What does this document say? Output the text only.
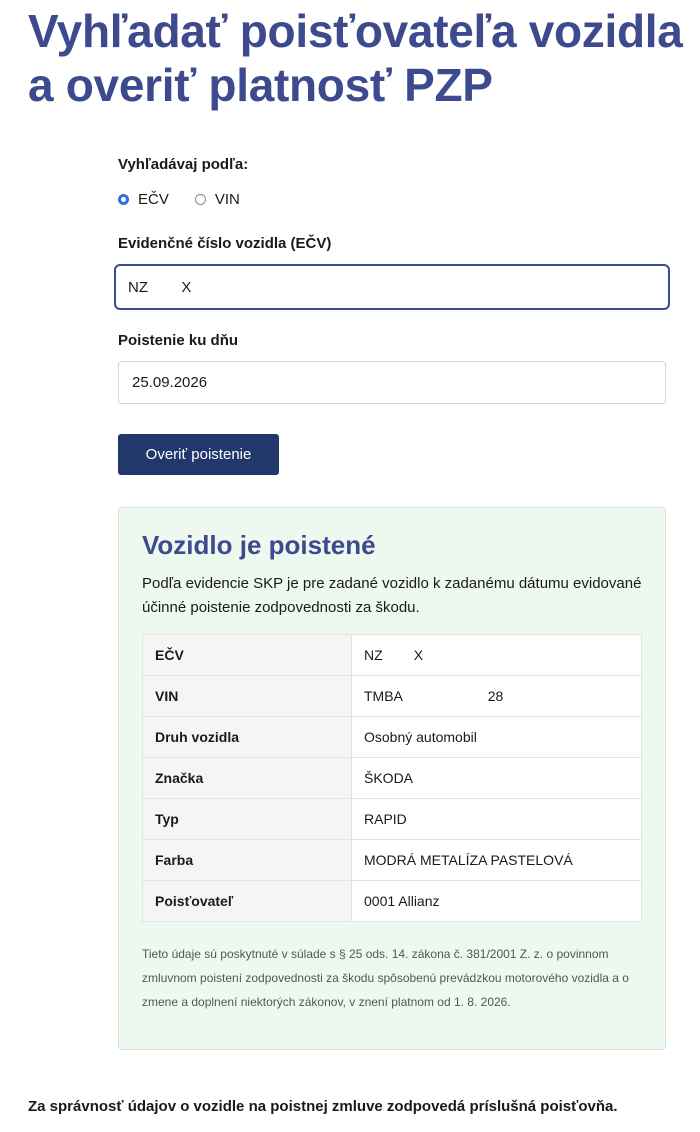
Vyhľadať poisťovateľa vozidla a overiť platnosť PZP

Vyhľadávaj podľa:

EČV	VIN

Evidenčné číslo vozidla (EČV)

NZ        X

Poistenie ku dňu

25.09.2026
Overiť poistenie
Vozidlo je poistené

Podľa evidencie SKP je pre zadané vozidlo k zadanému dátumu evidované účinné poistenie zodpovednosti za škodu.

EČV	NZ        X
VIN	TMBA                      28
Druh vozidla	Osobný automobil
Značka	ŠKODA
Typ	RAPID
Farba	MODRÁ METALÍZA PASTELOVÁ
Poisťovateľ	0001 Allianz

Tieto údaje sú poskytnuté v súlade s § 25 ods. 14. zákona č. 381/2001 Z. z. o povinnom zmluvnom poistení zodpovednosti za škodu spôsobenú prevádzkou motorového vozidla a o zmene a doplnení niektorých zákonov, v znení platnom od 1. 8. 2026.

Za správnosť údajov o vozidle na poistnej zmluve zodpovedá príslušná poisťovňa.
